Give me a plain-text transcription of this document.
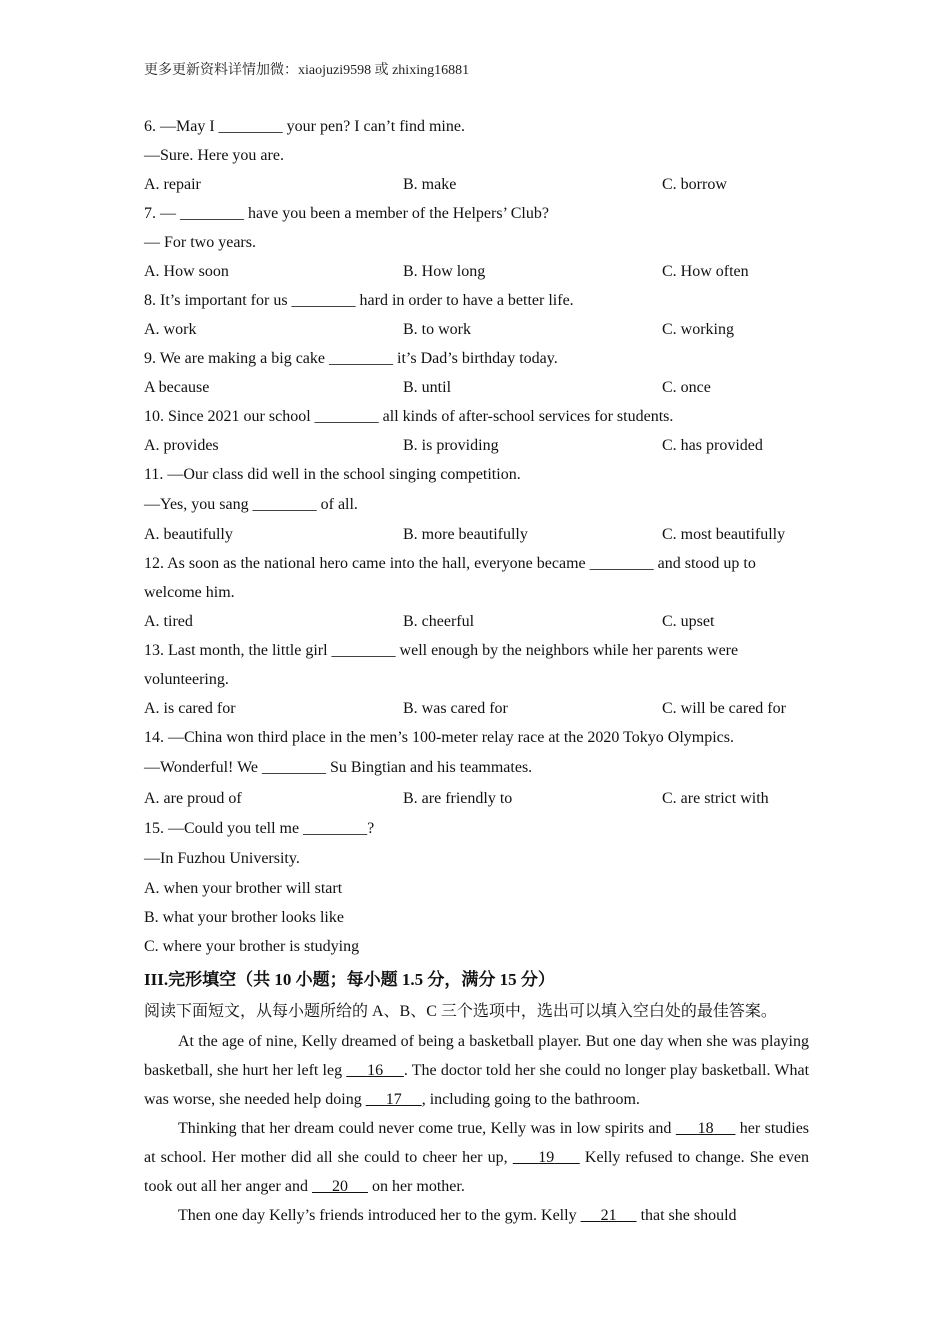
更多更新资料详情加微：xiaojuzi9598 或 zhixing16881
6. —May I ________ your pen? I can’t find mine.
—Sure. Here you are.
A. repair	B. make	C. borrow
7. — ________ have you been a member of the Helpers’ Club?
— For two years.
A. How soon	B. How long	C. How often
8. It’s important for us ________ hard in order to have a better life.
A. work	B. to work	C. working
9. We are making a big cake ________ it’s Dad’s birthday today.
A because	B. until	C. once
10. Since 2021 our school ________ all kinds of after-school services for students.
A. provides	B. is providing	C. has provided
11. —Our class did well in the school singing competition.
—Yes, you sang ________ of all.
A. beautifully	B. more beautifully	C. most beautifully
12. As soon as the national hero came into the hall, everyone became ________ and stood up to welcome him.
A. tired	B. cheerful	C. upset
13. Last month, the little girl ________ well enough by the neighbors while her parents were volunteering.
A. is cared for	B. was cared for	C. will be cared for
14. —China won third place in the men’s 100-meter relay race at the 2020 Tokyo Olympics.
—Wonderful! We ________ Su Bingtian and his teammates.
A. are proud of	B. are friendly to	C. are strict with
15. —Could you tell me ________?
—In Fuzhou University.
A. when your brother will start
B. what your brother looks like
C. where your brother is studying
III.完形填空（共 10 小题；每小题 1.5 分，满分 15 分）
阅读下面短文，从每小题所给的 A、B、C 三个选项中，选出可以填入空白处的最佳答案。

At the age of nine, Kelly dreamed of being a basketball player. But one day when she was playing basketball, she hurt her left leg      16 . The doctor told her she could no longer play basketball. What was worse, she needed help doing      17 , including going to the bathroom.

Thinking that her dream could never come true, Kelly was in low spirits and      18      her studies at school. Her mother did all she could to cheer her up,      19      Kelly refused to change. She even took out all her anger and      20      on her mother.

Then one day Kelly’s friends introduced her to the gym. Kelly      21      that she should
